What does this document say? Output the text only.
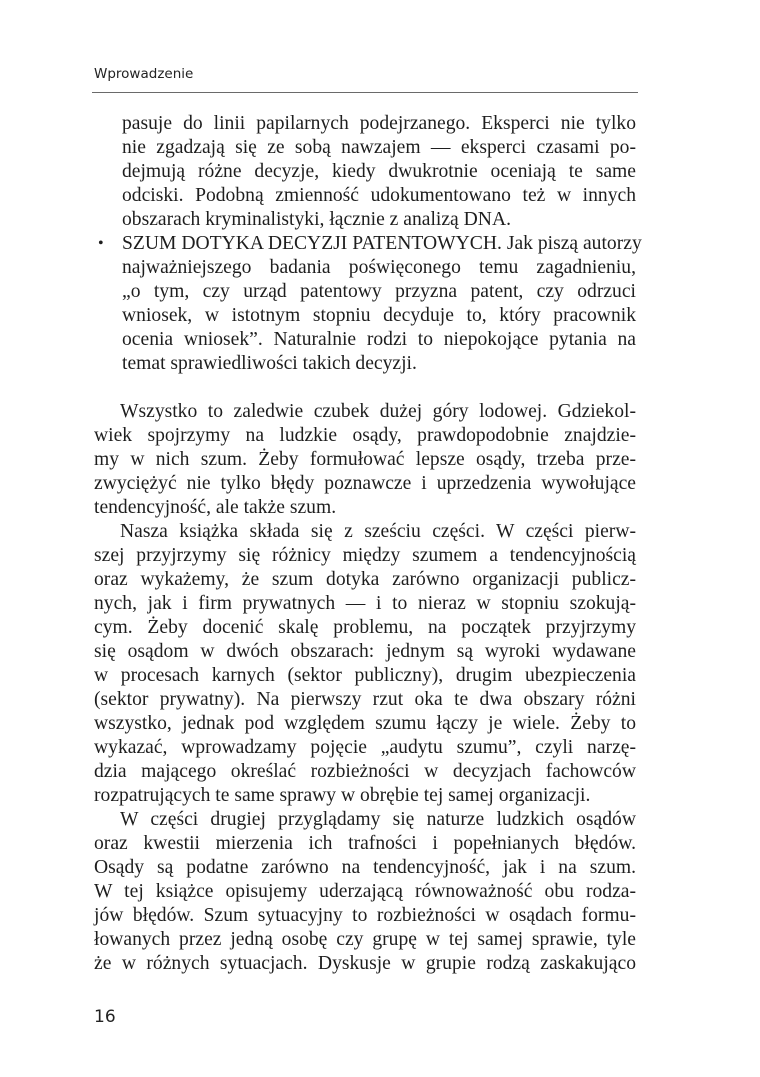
Wprowadzenie
pasuje do linii papilarnych podejrzanego. Eksperci nie tylko
nie zgadzają się ze sobą nawzajem — eksperci czasami po-
dejmują różne decyzje, kiedy dwukrotnie oceniają te same
odciski. Podobną zmienność udokumentowano też w innych
obszarach kryminalistyki, łącznie z analizą DNA.
• SZUM DOTYKA DECYZJI PATENTOWYCH. Jak piszą autorzy
najważniejszego badania poświęconego temu zagadnieniu,
„o tym, czy urząd patentowy przyzna patent, czy odrzuci
wniosek, w istotnym stopniu decyduje to, który pracownik
ocenia wniosek”. Naturalnie rodzi to niepokojące pytania na
temat sprawiedliwości takich decyzji.
Wszystko to zaledwie czubek dużej góry lodowej. Gdziekol-
wiek spojrzymy na ludzkie osądy, prawdopodobnie znajdzie-
my w nich szum. Żeby formułować lepsze osądy, trzeba prze-
zwyciężyć nie tylko błędy poznawcze i uprzedzenia wywołujące
tendencyjność, ale także szum.
Nasza książka składa się z sześciu części. W części pierw-
szej przyjrzymy się różnicy między szumem a tendencyjnością
oraz wykażemy, że szum dotyka zarówno organizacji publicz-
nych, jak i firm prywatnych — i to nieraz w stopniu szokują-
cym. Żeby docenić skalę problemu, na początek przyjrzymy
się osądom w dwóch obszarach: jednym są wyroki wydawane
w procesach karnych (sektor publiczny), drugim ubezpieczenia
(sektor prywatny). Na pierwszy rzut oka te dwa obszary różni
wszystko, jednak pod względem szumu łączy je wiele. Żeby to
wykazać, wprowadzamy pojęcie „audytu szumu”, czyli narzę-
dzia mającego określać rozbieżności w decyzjach fachowców
rozpatrujących te same sprawy w obrębie tej samej organizacji.
W części drugiej przyglądamy się naturze ludzkich osądów
oraz kwestii mierzenia ich trafności i popełnianych błędów.
Osądy są podatne zarówno na tendencyjność, jak i na szum.
W tej książce opisujemy uderzającą równoważność obu rodza-
jów błędów. Szum sytuacyjny to rozbieżności w osądach formu-
łowanych przez jedną osobę czy grupę w tej samej sprawie, tyle
że w różnych sytuacjach. Dyskusje w grupie rodzą zaskakująco
16
